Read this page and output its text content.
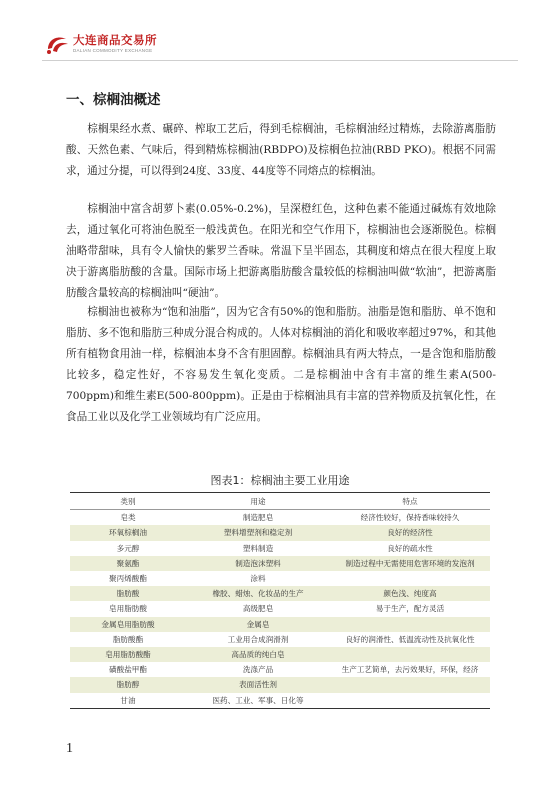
大连商品交易所
DALIAN COMMODITY EXCHANGE
一、棕榈油概述

棕榈果经水煮、碾碎、榨取工艺后，得到毛棕榈油，毛棕榈油经过精炼，去除游离脂肪酸、天然色素、气味后，得到精炼棕榈油(RBDPO)及棕榈色拉油(RBD PKO)。根据不同需求，通过分提，可以得到24度、33度、44度等不同熔点的棕榈油。

棕榈油中富含胡萝卜素(0.05%-0.2%)，呈深橙红色，这种色素不能通过碱炼有效地除去，通过氧化可将油色脱至一般浅黄色。在阳光和空气作用下，棕榈油也会逐渐脱色。棕榈油略带甜味，具有令人愉快的紫罗兰香味。常温下呈半固态，其稠度和熔点在很大程度上取决于游离脂肪酸的含量。国际市场上把游离脂肪酸含量较低的棕榈油叫做“软油”，把游离脂肪酸含量较高的棕榈油叫“硬油”。

棕榈油也被称为“饱和油脂”，因为它含有50%的饱和脂肪。油脂是饱和脂肪、单不饱和脂肪、多不饱和脂肪三种成分混合构成的。人体对棕榈油的消化和吸收率超过97%，和其他所有植物食用油一样，棕榈油本身不含有胆固醇。棕榈油具有两大特点，一是含饱和脂肪酸比较多，稳定性好，不容易发生氧化变质。二是棕榈油中含有丰富的维生素A(500-700ppm)和维生素E(500-800ppm)。正是由于棕榈油具有丰富的营养物质及抗氧化性，在食品工业以及化学工业领域均有广泛应用。

图表1：棕榈油主要工业用途
类别	用途	特点
皂类	制造肥皂	经济性较好，保持香味较持久
环氧棕榈油	塑料增塑剂和稳定剂	良好的经济性
多元醇	塑料制造	良好的疏水性
聚氨酯	制造泡沫塑料	制造过程中无需使用危害环境的发泡剂
聚丙烯酸酯	涂料	
脂肪酸	橡胶、蜡烛、化妆品的生产	颜色浅、纯度高
皂用脂肪酸	高级肥皂	易于生产，配方灵活
金属皂用脂肪酸	金属皂	
脂肪酸酯	工业用合成润滑剂	良好的润滑性、低温流动性及抗氧化性
皂用脂肪酸酯	高品质的纯白皂	
磺酸盐甲酯	洗涤产品	生产工艺简单，去污效果好，环保，经济
脂肪醇	表面活性剂	
甘油	医药、工业、军事、日化等	
1
